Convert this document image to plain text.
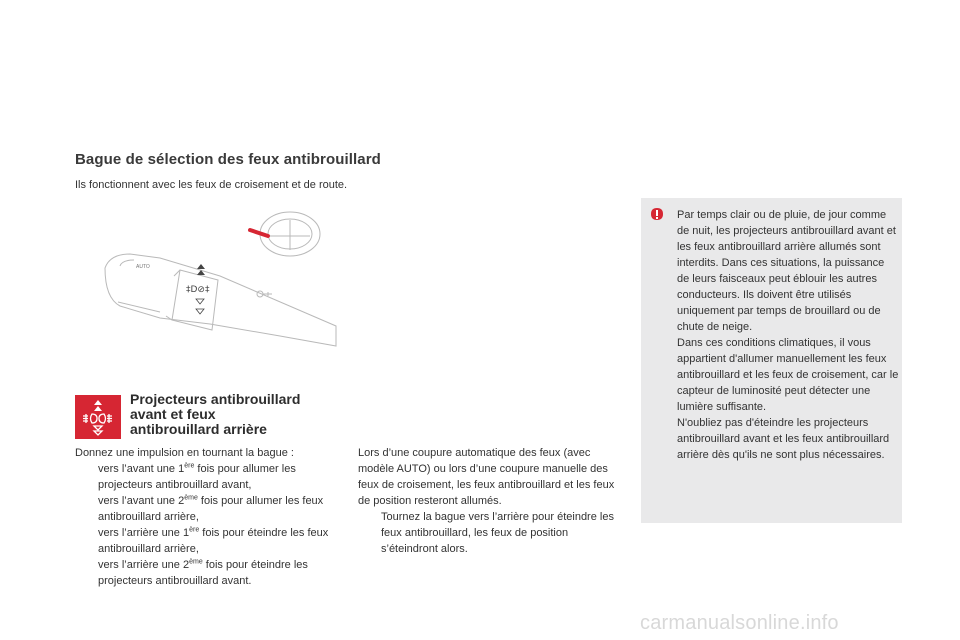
Bague de sélection des feux antibrouillard
Ils fonctionnent avec les feux de croisement et de route.
‡D⊘‡
AUTO
Projecteurs antibrouillard
avant et feux
antibrouillard arrière
Donnez une impulsion en tournant la bague :
vers l’avant une 1ère fois pour allumer les projecteurs antibrouillard avant,
vers l’avant une 2ème fois pour allumer les feux antibrouillard arrière,
vers l’arrière une 1ère fois pour éteindre les feux antibrouillard arrière,
vers l’arrière une 2ème fois pour éteindre les projecteurs antibrouillard avant.
Lors d’une coupure automatique des feux (avec modèle AUTO) ou lors d’une coupure manuelle des feux de croisement, les feux antibrouillard et les feux de position resteront allumés.
Tournez la bague vers l’arrière pour éteindre les feux antibrouillard, les feux de position s’éteindront alors.
Par temps clair ou de pluie, de jour comme de nuit, les projecteurs antibrouillard avant et les feux antibrouillard arrière allumés sont interdits. Dans ces situations, la puissance de leurs faisceaux peut éblouir les autres conducteurs. Ils doivent être utilisés uniquement par temps de brouillard ou de chute de neige.
Dans ces conditions climatiques, il vous appartient d'allumer manuellement les feux antibrouillard et les feux de croisement, car le capteur de luminosité peut détecter une lumière suffisante.
N'oubliez pas d'éteindre les projecteurs antibrouillard avant et les feux antibrouillard arrière dès qu'ils ne sont plus nécessaires.
carmanualsonline.info
